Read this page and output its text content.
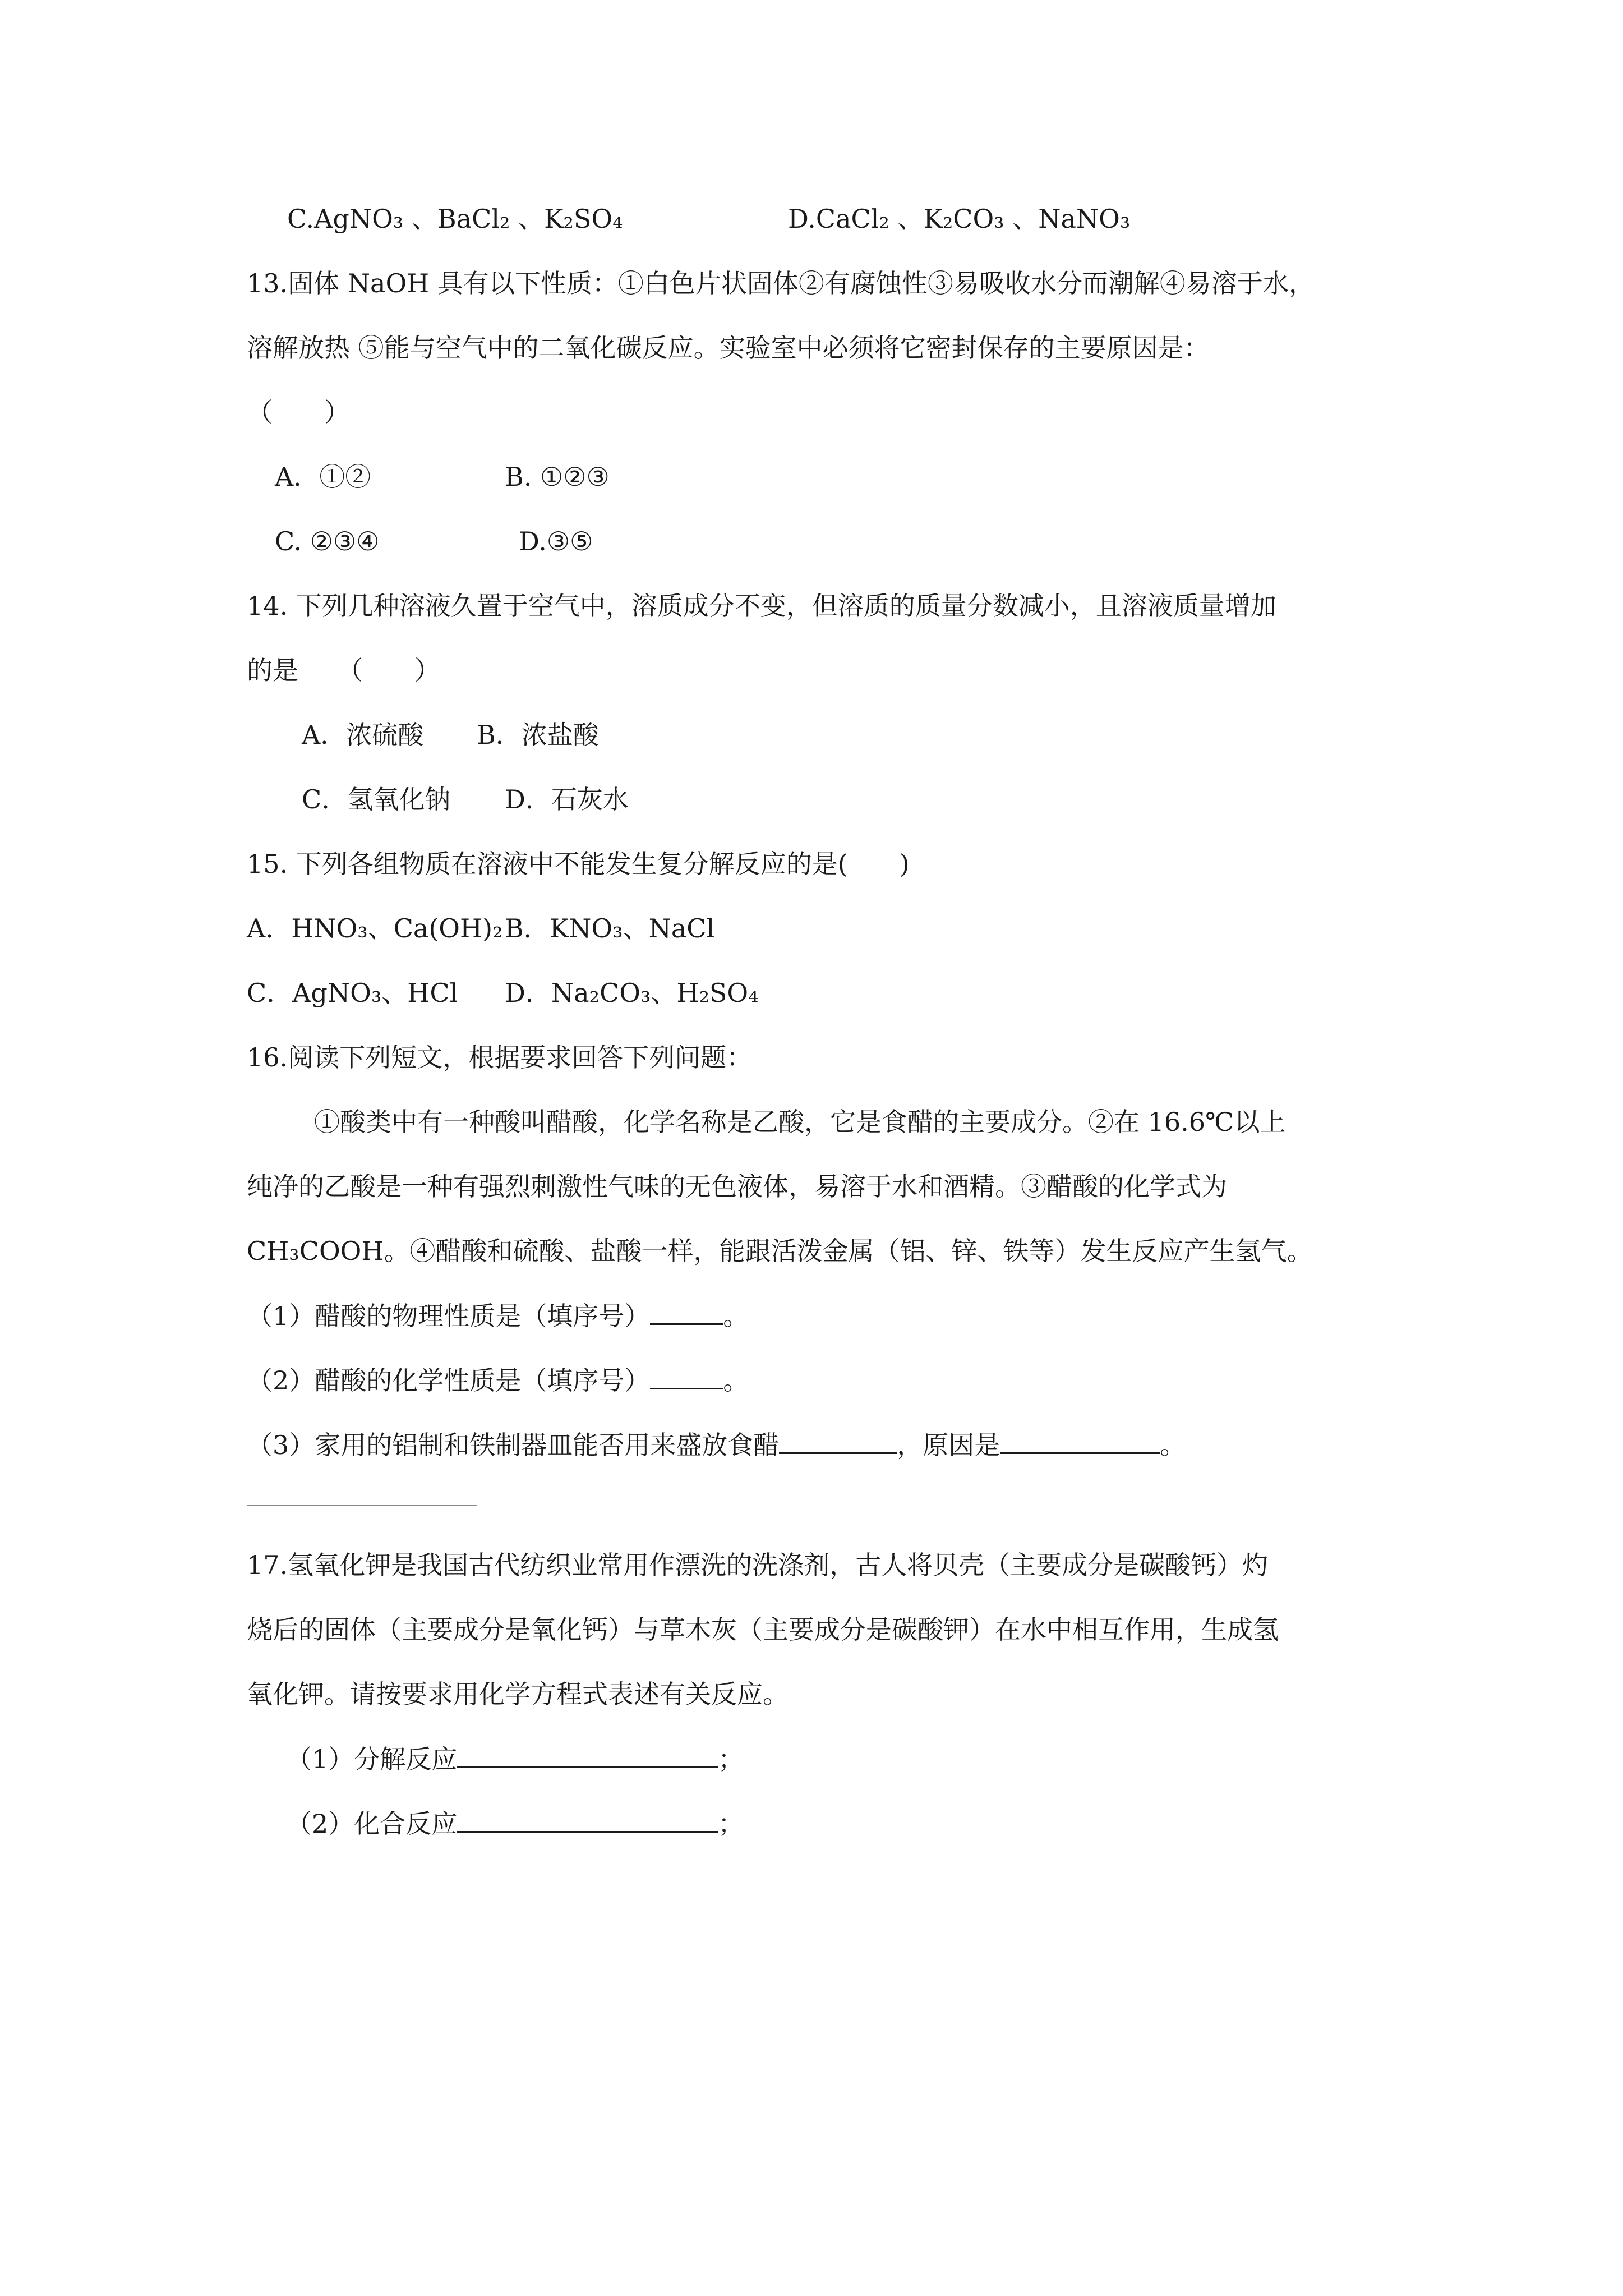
C.AgNO₃ 、BaCl₂ 、K₂SO₄	D.CaCl₂ 、K₂CO₃ 、NaNO₃
13.固体 NaOH 具有以下性质：①白色片状固体②有腐蚀性③易吸收水分而潮解④易溶于水，
溶解放热 ⑤能与空气中的二氧化碳反应。实验室中必须将它密封保存的主要原因是：
（　　）
A．①②	B. ①②③
C. ②③④	D.③⑤
14. 下列几种溶液久置于空气中，溶质成分不变，但溶质的质量分数减小，且溶液质量增加
的是　　（　　）
A．浓硫酸 B．浓盐酸
C．氢氧化钠 D．石灰水
15. 下列各组物质在溶液中不能发生复分解反应的是(　　)
A．HNO₃、Ca(OH)₂ B．KNO₃、NaCl
C．AgNO₃、HCl D．Na₂CO₃、H₂SO₄
16.阅读下列短文，根据要求回答下列问题：
①酸类中有一种酸叫醋酸，化学名称是乙酸，它是食醋的主要成分。②在 16.6℃以上
纯净的乙酸是一种有强烈刺激性气味的无色液体，易溶于水和酒精。③醋酸的化学式为
CH₃COOH。④醋酸和硫酸、盐酸一样，能跟活泼金属（铝、锌、铁等）发生反应产生氢气。
（1）醋酸的物理性质是（填序号）	。
（2）醋酸的化学性质是（填序号）	。
（3）家用的铝制和铁制器皿能否用来盛放食醋	，原因是	。
17.氢氧化钾是我国古代纺织业常用作漂洗的洗涤剂，古人将贝壳（主要成分是碳酸钙）灼
烧后的固体（主要成分是氧化钙）与草木灰（主要成分是碳酸钾）在水中相互作用，生成氢
氧化钾。请按要求用化学方程式表述有关反应。
（1）分解反应	；
（2）化合反应	；
